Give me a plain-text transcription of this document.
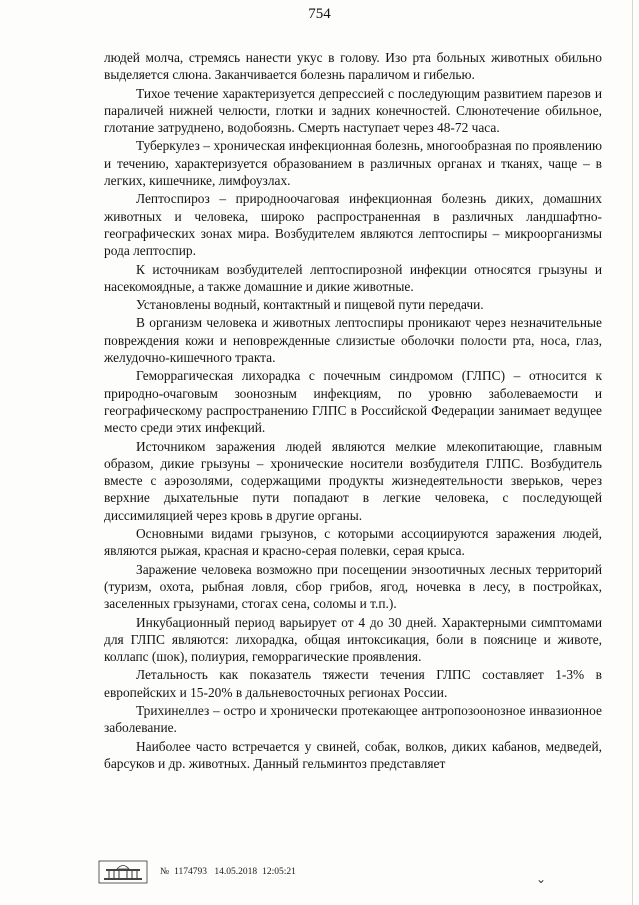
754

людей молча, стремясь нанести укус в голову. Изо рта больных животных обильно выделяется слюна. Заканчивается болезнь параличом и гибелью.

Тихое течение характеризуется депрессией с последующим развитием парезов и параличей нижней челюсти, глотки и задних конечностей. Слюнотечение обильное, глотание затруднено, водобоязнь. Смерть наступает через 48-72 часа.

Туберкулез – хроническая инфекционная болезнь, многообразная по проявлению и течению, характеризуется образованием в различных органах и тканях, чаще – в легких, кишечнике, лимфоузлах.

Лептоспироз – природноочаговая инфекционная болезнь диких, домашних животных и человека, широко распространенная в различных ландшафтно-географических зонах мира. Возбудителем являются лептоспиры – микроорганизмы рода лептоспир.

К источникам возбудителей лептоспирозной инфекции относятся грызуны и насекомоядные, а также домашние и дикие животные.

Установлены водный, контактный и пищевой пути передачи.

В организм человека и животных лептоспиры проникают через незначительные повреждения кожи и неповрежденные слизистые оболочки полости рта, носа, глаз, желудочно-кишечного тракта.

Геморрагическая лихорадка с почечным синдромом (ГЛПС) – относится к природно-очаговым зоонозным инфекциям, по уровню заболеваемости и географическому распространению ГЛПС в Российской Федерации занимает ведущее место среди этих инфекций.

Источником заражения людей являются мелкие млекопитающие, главным образом, дикие грызуны – хронические носители возбудителя ГЛПС. Возбудитель вместе с аэрозолями, содержащими продукты жизнедеятельности зверьков, через верхние дыхательные пути попадают в легкие человека, с последующей диссимиляцией через кровь в другие органы.

Основными видами грызунов, с которыми ассоциируются заражения людей, являются рыжая, красная и красно-серая полевки, серая крыса.

Заражение человека возможно при посещении энзоотичных лесных территорий (туризм, охота, рыбная ловля, сбор грибов, ягод, ночевка в лесу, в постройках, заселенных грызунами, стогах сена, соломы и т.п.).

Инкубационный период варьирует от 4 до 30 дней. Характерными симптомами для ГЛПС являются: лихорадка, общая интоксикация, боли в пояснице и животе, коллапс (шок), полиурия, геморрагические проявления.

Летальность как показатель тяжести течения ГЛПС составляет 1-3% в европейских и 15-20% в дальневосточных регионах России.

Трихинеллез – остро и хронически протекающее антропозоонозное инвазионное заболевание.

Наиболее часто встречается у свиней, собак, волков, диких кабанов, медведей, барсуков и др. животных. Данный гельминтоз представляет

№ 1174793 14.05.2018 12:05:21	⌄
